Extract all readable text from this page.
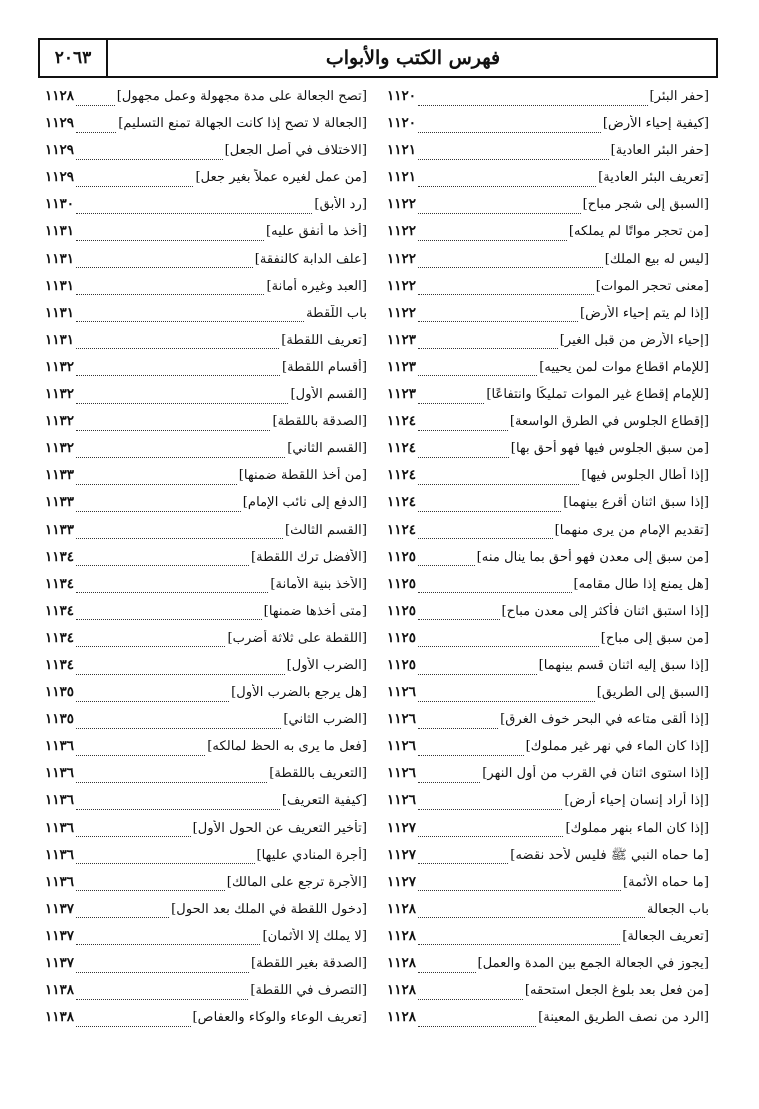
فهرس الكتب والأبواب
٢٠٦٣
[حفر البئر]
١١٢٠
[كيفية إحياء الأرض]
١١٢٠
[حفر البئر العادية]
١١٢١
[تعريف البئر العادية]
١١٢١
[السبق إلى شجر مباح]
١١٢٢
[من تحجر مواتًا لم يملكه]
١١٢٢
[ليس له بيع الملك]
١١٢٢
[معنى تحجر الموات]
١١٢٢
[إذا لم يتم إحياء الأرض]
١١٢٢
[إحياء الأرض من قبل الغير]
١١٢٣
[للإمام اقطاع موات لمن يحييه]
١١٢٣
[للإمام إقطاع غير الموات تمليكًا وانتفاعًا]
١١٢٣
[إقطاع الجلوس في الطرق الواسعة]
١١٢٤
[من سبق الجلوس فيها فهو أحق بها]
١١٢٤
[إذا أطال الجلوس فيها]
١١٢٤
[إذا سبق اثنان أقرع بينهما]
١١٢٤
[تقديم الإمام من يرى منهما]
١١٢٤
[من سبق إلى معدن فهو أحق بما ينال منه]
١١٢٥
[هل يمنع إذا طال مقامه]
١١٢٥
[إذا استبق اثنان فأكثر إلى معدن مباح]
١١٢٥
[من سبق إلى مباح]
١١٢٥
[إذا سبق إليه اثنان قسم بينهما]
١١٢٥
[السبق إلى الطريق]
١١٢٦
[إذا ألقى متاعه في البحر خوف الغرق]
١١٢٦
[إذا كان الماء في نهر غير مملوك]
١١٢٦
[إذا استوى اثنان في القرب من أول النهر]
١١٢٦
[إذا أراد إنسان إحياء أرض]
١١٢٦
[إذا كان الماء بنهر مملوك]
١١٢٧
[ما حماه النبي ﷺ فليس لأحد نقضه]
١١٢٧
[ما حماه الأئمة]
١١٢٧
باب الجعالة
١١٢٨
[تعريف الجعالة]
١١٢٨
[يجوز في الجعالة الجمع بين المدة والعمل]
١١٢٨
[من فعل بعد بلوغ الجعل استحقه]
١١٢٨
[الرد من نصف الطريق المعينة]
١١٢٨
[تصح الجعالة على مدة مجهولة وعمل مجهول]
١١٢٨
[الجعالة لا تصح إذا كانت الجهالة تمنع التسليم]
١١٢٩
[الاختلاف في أصل الجعل]
١١٢٩
[من عمل لغيره عملاً بغير جعل]
١١٢٩
[رد الأبق]
١١٣٠
[أخذ ما أنفق عليه]
١١٣١
[علف الدابة كالنفقة]
١١٣١
[العبد وغيره أمانة]
١١٣١
باب اللُّقطة
١١٣١
[تعريف اللقطة]
١١٣١
[أقسام اللقطة]
١١٣٢
[القسم الأول]
١١٣٢
[الصدقة باللقطة]
١١٣٢
[القسم الثاني]
١١٣٢
[من أخذ اللقطة ضمنها]
١١٣٣
[الدفع إلى نائب الإمام]
١١٣٣
[القسم الثالث]
١١٣٣
[الأفضل ترك اللقطة]
١١٣٤
[الأخذ بنية الأمانة]
١١٣٤
[متى أخذها ضمنها]
١١٣٤
[اللقطة على ثلاثة أضرب]
١١٣٤
[الضرب الأول]
١١٣٤
[هل يرجع بالضرب الأول]
١١٣٥
[الضرب الثاني]
١١٣٥
[فعل ما يرى به الحظ لمالكه]
١١٣٦
[التعريف باللقطة]
١١٣٦
[كيفية التعريف]
١١٣٦
[تأخير التعريف عن الحول الأول]
١١٣٦
[أجرة المنادي عليها]
١١٣٦
[الأجرة ترجع على المالك]
١١٣٦
[دخول اللقطة في الملك بعد الحول]
١١٣٧
[لا يملك إلا الأثمان]
١١٣٧
[الصدقة بغير اللقطة]
١١٣٧
[التصرف في اللقطة]
١١٣٨
[تعريف الوعاء والوكاء والعفاص]
١١٣٨
